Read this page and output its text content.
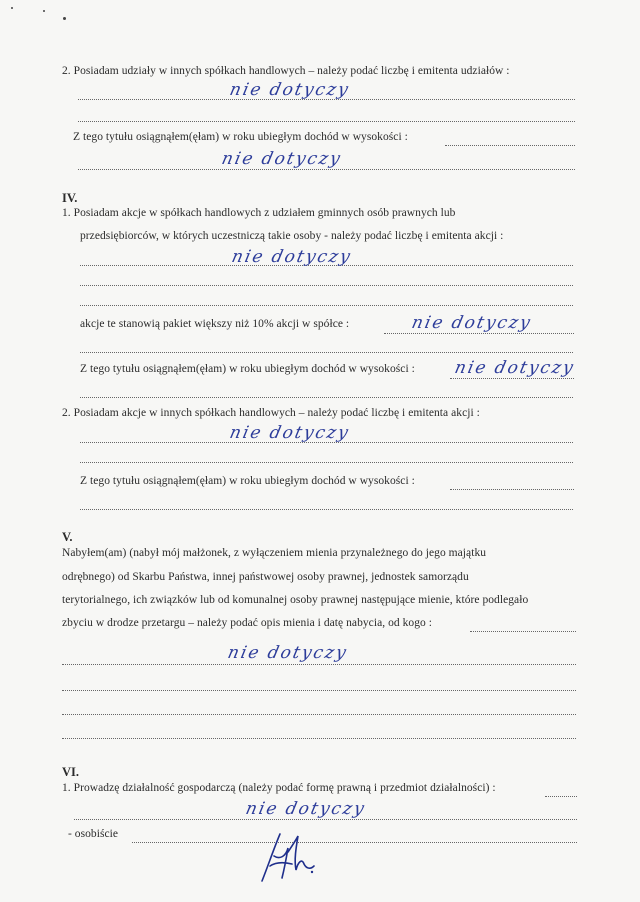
2. Posiadam udziały w innych spółkach handlowych – należy podać liczbę i emitenta udziałów :
nie dotyczy
Z tego tytułu osiągnąłem(ęłam) w roku ubiegłym dochód w wysokości :
nie dotyczy
IV.
1. Posiadam akcje w spółkach handlowych z udziałem gminnych osób prawnych lub
przedsiębiorców, w których uczestniczą takie osoby - należy podać liczbę i emitenta akcji :
nie dotyczy
akcje te stanowią pakiet większy niż 10% akcji w spółce :	nie dotyczy
Z tego tytułu osiągnąłem(ęłam) w roku ubiegłym dochód w wysokości : nie dotyczy
2. Posiadam akcje w innych spółkach handlowych – należy podać liczbę i emitenta akcji :
nie dotyczy
Z tego tytułu osiągnąłem(ęłam) w roku ubiegłym dochód w wysokości :
V.
Nabyłem(am) (nabył mój małżonek, z wyłączeniem mienia przynależnego do jego majątku
odrębnego) od Skarbu Państwa, innej państwowej osoby prawnej, jednostek samorządu
terytorialnego, ich związków lub od komunalnej osoby prawnej następujące mienie, które podlegało
zbyciu w drodze przetargu – należy podać opis mienia i datę nabycia, od kogo :
nie dotyczy
VI.
1. Prowadzę działalność gospodarczą (należy podać formę prawną i przedmiot działalności) :
nie dotyczy
- osobiście
